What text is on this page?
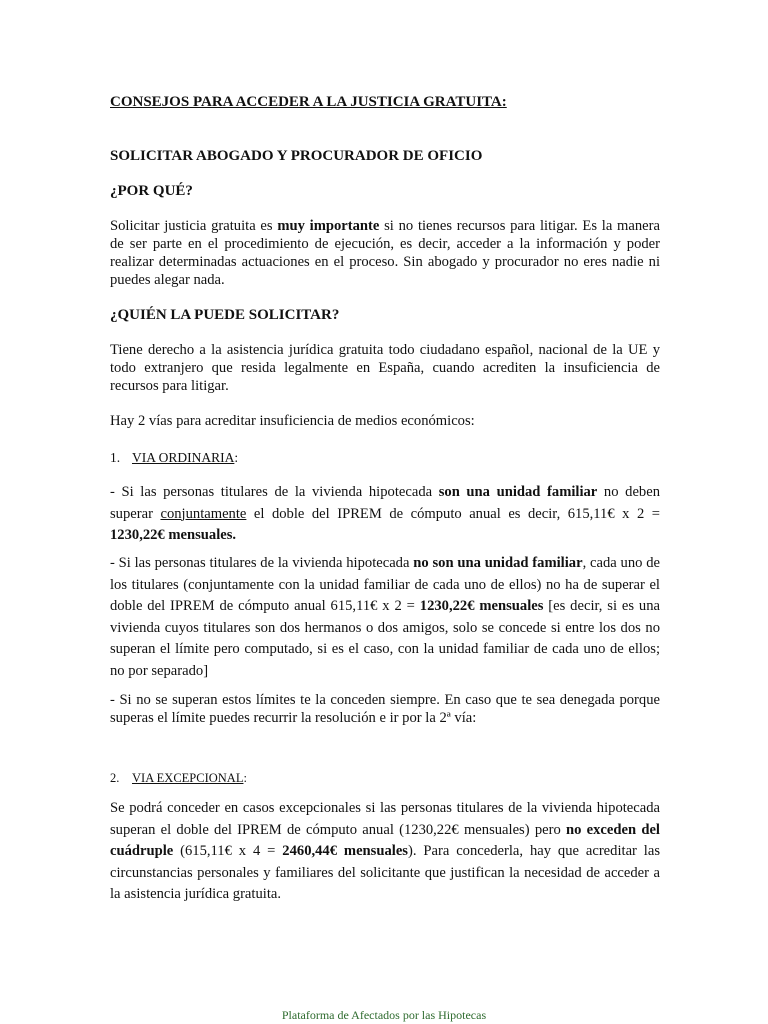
CONSEJOS PARA ACCEDER A LA JUSTICIA GRATUITA:

SOLICITAR ABOGADO Y PROCURADOR DE OFICIO

¿POR QUÉ?

Solicitar justicia gratuita es muy importante si no tienes recursos para litigar. Es la manera de ser parte en el procedimiento de ejecución, es decir, acceder a la información y poder realizar determinadas actuaciones en el proceso. Sin abogado y procurador no eres nadie ni puedes alegar nada.

¿QUIÉN LA PUEDE SOLICITAR?

Tiene derecho a la asistencia jurídica gratuita todo ciudadano español, nacional de la UE y todo extranjero que resida legalmente en España, cuando acrediten la insuficiencia de recursos para litigar.

Hay 2 vías para acreditar insuficiencia de medios económicos:

1. VIA ORDINARIA:

- Si las personas titulares de la vivienda hipotecada son una unidad familiar no deben superar conjuntamente el doble del IPREM de cómputo anual es decir, 615,11€ x 2 = 1230,22€ mensuales.

- Si las personas titulares de la vivienda hipotecada no son una unidad familiar, cada uno de los titulares (conjuntamente con la unidad familiar de cada uno de ellos) no ha de superar el doble del IPREM de cómputo anual 615,11€ x 2 = 1230,22€ mensuales [es decir, si es una vivienda cuyos titulares son dos hermanos o dos amigos, solo se concede si entre los dos no superan el límite pero computado, si es el caso, con la unidad familiar de cada uno de ellos; no por separado]

- Si no se superan estos límites te la conceden siempre. En caso que te sea denegada porque superas el límite puedes recurrir la resolución e ir por la 2ª vía:

2. VIA EXCEPCIONAL:

Se podrá conceder en casos excepcionales si las personas titulares de la vivienda hipotecada superan el doble del IPREM de cómputo anual (1230,22€ mensuales) pero no exceden del cuádruple (615,11€ x 4 = 2460,44€ mensuales). Para concederla, hay que acreditar las circunstancias personales y familiares del solicitante que justifican la necesidad de acceder a la asistencia jurídica gratuita.

Plataforma de Afectados por las Hipotecas
